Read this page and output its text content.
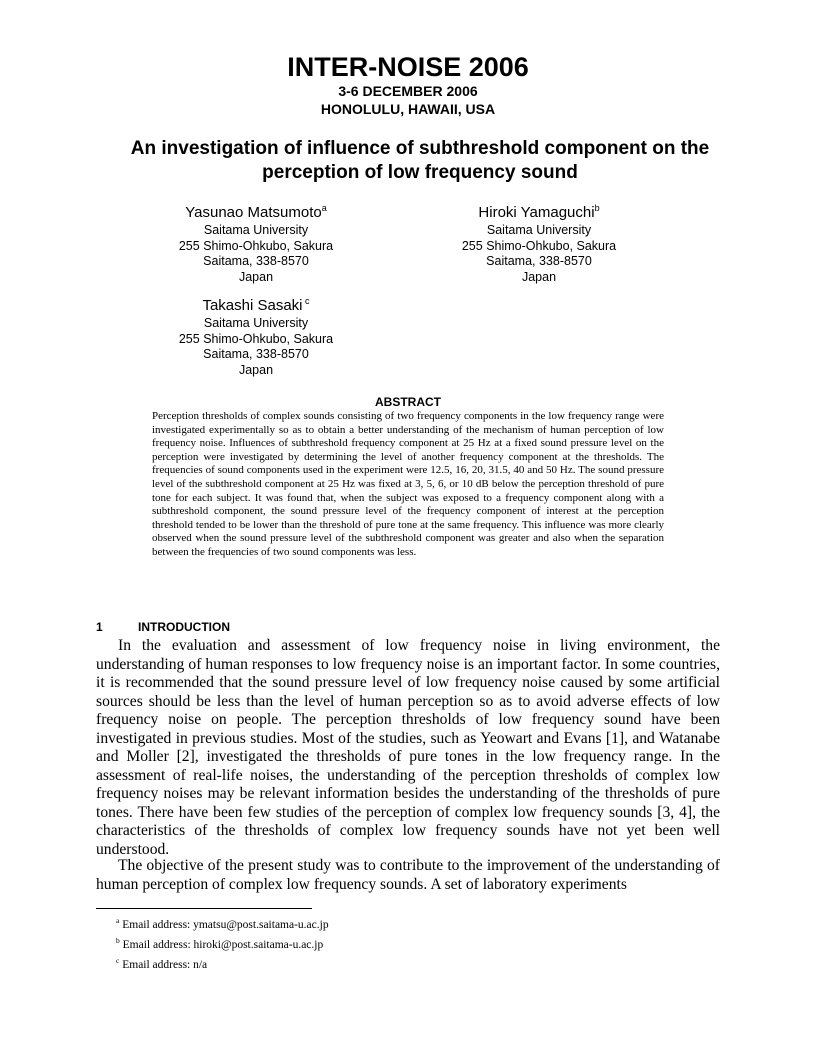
INTER-NOISE 2006
3-6 DECEMBER 2006
HONOLULU, HAWAII, USA
An investigation of influence of subthreshold component on the
perception of low frequency sound
Yasunao Matsumoto$^a$
Saitama University
255 Shimo-Ohkubo, Sakura
Saitama, 338-8570
Japan
Hiroki Yamaguchi$^b$
Saitama University
255 Shimo-Ohkubo, Sakura
Saitama, 338-8570
Japan
Takashi Sasaki $^c$
Saitama University
255 Shimo-Ohkubo, Sakura
Saitama, 338-8570
Japan
ABSTRACT

Perception thresholds of complex sounds consisting of two frequency components in the low frequency range were investigated experimentally so as to obtain a better understanding of the mechanism of human perception of low frequency noise. Influences of subthreshold frequency component at 25 Hz at a fixed sound pressure level on the perception were investigated by determining the level of another frequency component at the thresholds. The frequencies of sound components used in the experiment were 12.5, 16, 20, 31.5, 40 and 50 Hz. The sound pressure level of the subthreshold component at 25 Hz was fixed at 3, 5, 6, or 10 dB below the perception threshold of pure tone for each subject. It was found that, when the subject was exposed to a frequency component along with a subthreshold component, the sound pressure level of the frequency component of interest at the perception threshold tended to be lower than the threshold of pure tone at the same frequency. This influence was more clearly observed when the sound pressure level of the subthreshold component was greater and also when the separation between the frequencies of two sound components was less.

1	INTRODUCTION

In the evaluation and assessment of low frequency noise in living environment, the understanding of human responses to low frequency noise is an important factor. In some countries, it is recommended that the sound pressure level of low frequency noise caused by some artificial sources should be less than the level of human perception so as to avoid adverse effects of low frequency noise on people. The perception thresholds of low frequency sound have been investigated in previous studies. Most of the studies, such as Yeowart and Evans [1], and Watanabe and Moller [2], investigated the thresholds of pure tones in the low frequency range. In the assessment of real-life noises, the understanding of the perception thresholds of complex low frequency noises may be relevant information besides the understanding of the thresholds of pure tones. There have been few studies of the perception of complex low frequency sounds [3, 4], the characteristics of the thresholds of complex low frequency sounds have not yet been well understood.

The objective of the present study was to contribute to the improvement of the understanding of human perception of complex low frequency sounds. A set of laboratory experiments

$^a$ Email address: ymatsu@post.saitama-u.ac.jp
$^b$ Email address: hiroki@post.saitama-u.ac.jp
$^c$ Email address: n/a
